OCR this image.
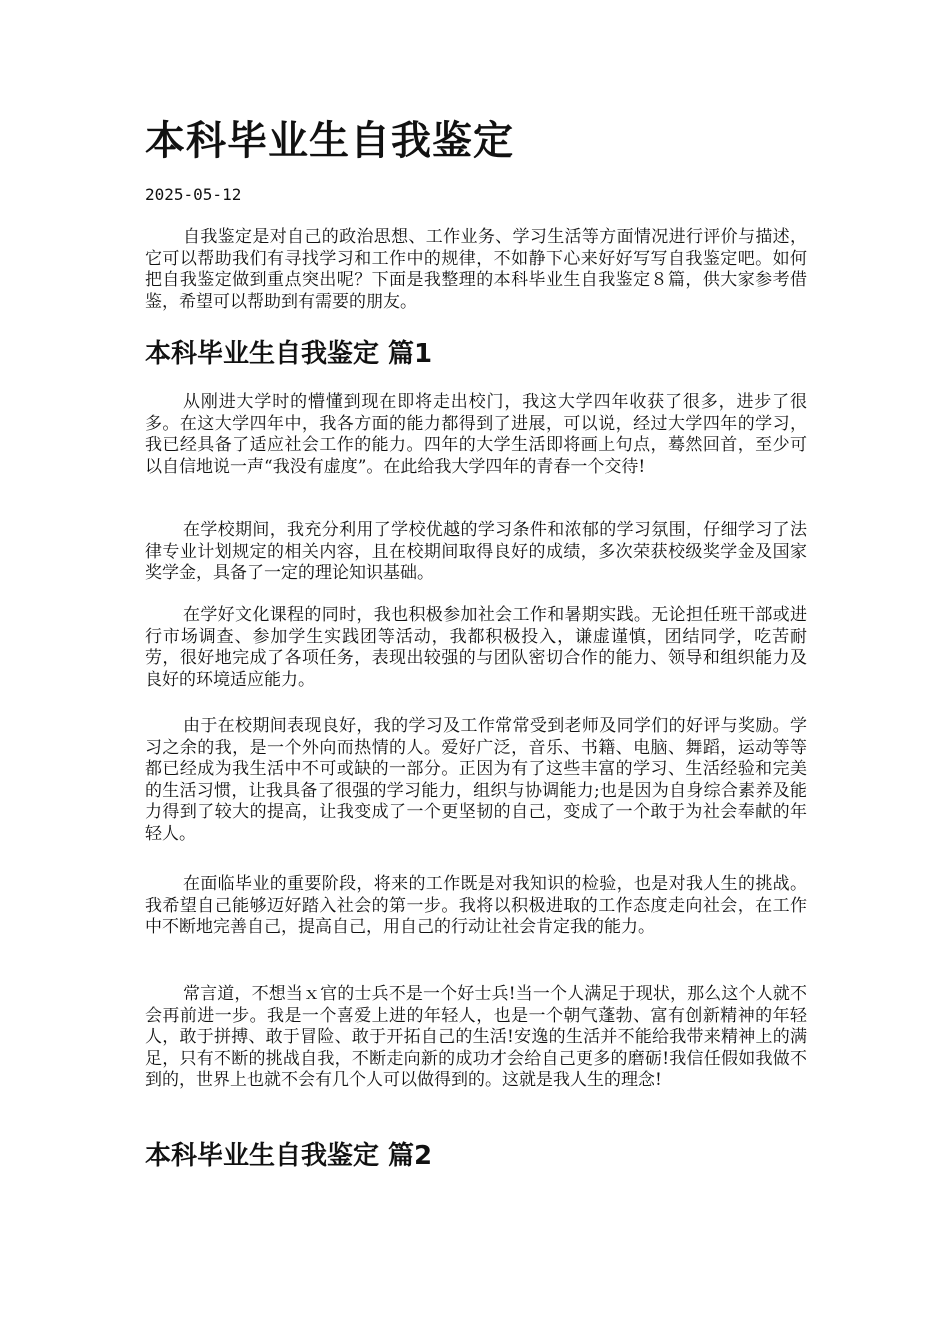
本科毕业生自我鉴定
2025-05-12

自我鉴定是对自己的政治思想、工作业务、学习生活等方面情况进行评价与描述，它可以帮助我们有寻找学习和工作中的规律，不如静下心来好好写写自我鉴定吧。如何把自我鉴定做到重点突出呢？下面是我整理的本科毕业生自我鉴定８篇，供大家参考借鉴，希望可以帮助到有需要的朋友。

本科毕业生自我鉴定 篇1

从刚进大学时的懵懂到现在即将走出校门，我这大学四年收获了很多，进步了很多。在这大学四年中，我各方面的能力都得到了进展，可以说，经过大学四年的学习，我已经具备了适应社会工作的能力。四年的大学生活即将画上句点，蓦然回首，至少可以自信地说一声“我没有虚度”。在此给我大学四年的青春一个交待!

在学校期间，我充分利用了学校优越的学习条件和浓郁的学习氛围，仔细学习了法律专业计划规定的相关内容，且在校期间取得良好的成绩，多次荣获校级奖学金及国家奖学金，具备了一定的理论知识基础。

在学好文化课程的同时，我也积极参加社会工作和暑期实践。无论担任班干部或进行市场调查、参加学生实践团等活动，我都积极投入，谦虚谨慎，团结同学，吃苦耐劳，很好地完成了各项任务，表现出较强的与团队密切合作的能力、领导和组织能力及良好的环境适应能力。

由于在校期间表现良好，我的学习及工作常常受到老师及同学们的好评与奖励。学习之余的我，是一个外向而热情的人。爱好广泛，音乐、书籍、电脑、舞蹈，运动等等都已经成为我生活中不可或缺的一部分。正因为有了这些丰富的学习、生活经验和完美的生活习惯，让我具备了很强的学习能力，组织与协调能力;也是因为自身综合素养及能力得到了较大的提高，让我变成了一个更坚韧的自己，变成了一个敢于为社会奉献的年轻人。

在面临毕业的重要阶段，将来的工作既是对我知识的检验，也是对我人生的挑战。我希望自己能够迈好踏入社会的第一步。我将以积极进取的工作态度走向社会，在工作中不断地完善自己，提高自己，用自己的行动让社会肯定我的能力。

常言道，不想当ｘ官的士兵不是一个好士兵!当一个人满足于现状，那么这个人就不会再前进一步。我是一个喜爱上进的年轻人，也是一个朝气蓬勃、富有创新精神的年轻人，敢于拼搏、敢于冒险、敢于开拓自己的生活!安逸的生活并不能给我带来精神上的满足，只有不断的挑战自我，不断走向新的成功才会给自己更多的磨砺!我信任假如我做不到的，世界上也就不会有几个人可以做得到的。这就是我人生的理念!

本科毕业生自我鉴定 篇2
